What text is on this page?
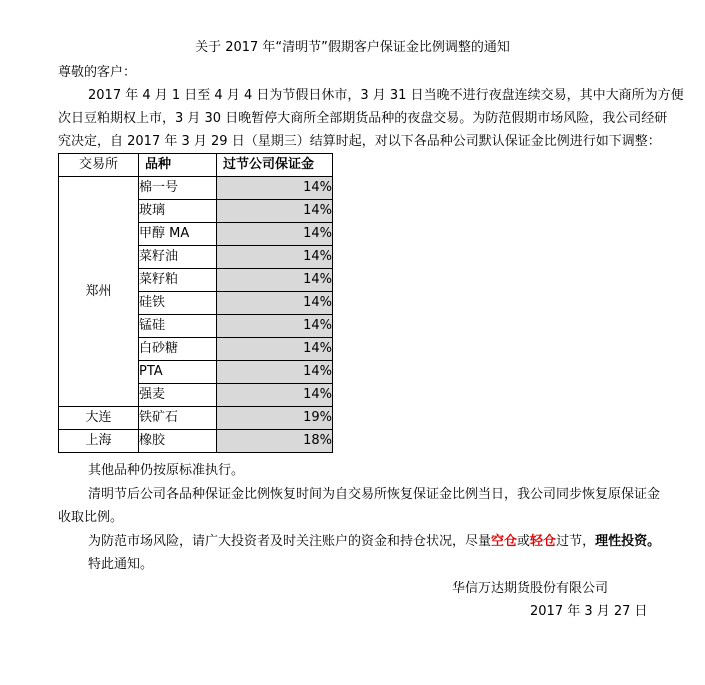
关于 2017 年“清明节”假期客户保证金比例调整的通知
尊敬的客户：
2017 年 4 月 1 日至 4 月 4 日为节假日休市，3 月 31 日当晚不进行夜盘连续交易，其中大商所为方便
次日豆粕期权上市，3 月 30 日晚暂停大商所全部期货品种的夜盘交易。为防范假期市场风险，我公司经研
究决定，自 2017 年 3 月 29 日（星期三）结算时起，对以下各品种公司默认保证金比例进行如下调整：
交易所	品种	过节公司保证金
郑州	棉一号	14%
	玻璃	14%
	甲醇 MA	14%
	菜籽油	14%
	菜籽粕	14%
	硅铁	14%
	锰硅	14%
	白砂糖	14%
	PTA	14%
	强麦	14%
大连	铁矿石	19%
上海	橡胶	18%
其他品种仍按原标准执行。
清明节后公司各品种保证金比例恢复时间为自交易所恢复保证金比例当日，我公司同步恢复原保证金
收取比例。
为防范市场风险，请广大投资者及时关注账户的资金和持仓状况，尽量空仓或轻仓过节，理性投资。
特此通知。
华信万达期货股份有限公司
2017 年 3 月 27 日
